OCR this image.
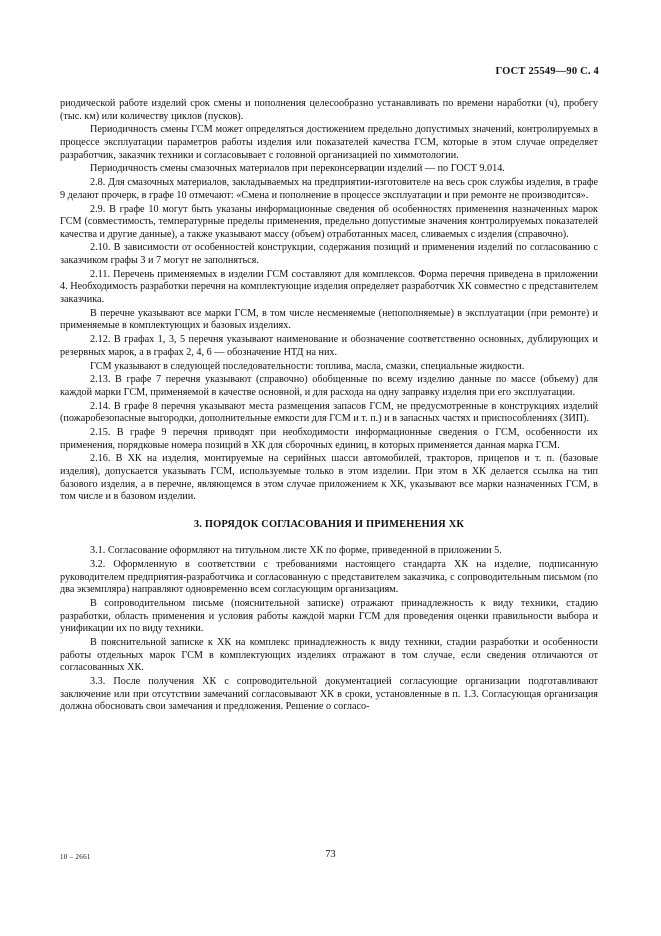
ГОСТ 25549—90 С. 4

риодической работе изделий срок смены и пополнения целесообразно устанавливать по времени наработки (ч), пробегу (тыс. км) или количеству циклов (пусков).

Периодичность смены ГСМ может определяться достижением предельно допустимых значений, контролируемых в процессе эксплуатации параметров работы изделия или показателей качества ГСМ, которые в этом случае определяет разработчик, заказчик техники и согласовывает с головной организацией по химмотологии.

Периодичность смены смазочных материалов при переконсервации изделий — по ГОСТ 9.014.

2.8. Для смазочных материалов, закладываемых на предприятии-изготовителе на весь срок службы изделия, в графе 9 делают прочерк, в графе 10 отмечают: «Смена и пополнение в процессе эксплуатации и при ремонте не производится».

2.9. В графе 10 могут быть указаны информационные сведения об особенностях применения назначенных марок ГСМ (совместимость, температурные пределы применения, предельно допустимые значения контролируемых показателей качества и другие данные), а также указывают массу (объем) отработанных масел, сливаемых с изделия (справочно).

2.10. В зависимости от особенностей конструкции, содержания позиций и применения изделий по согласованию с заказчиком графы 3 и 7 могут не заполняться.

2.11. Перечень применяемых в изделии ГСМ составляют для комплексов. Форма перечня приведена в приложении 4. Необходимость разработки перечня на комплектующие изделия определяет разработчик ХК совместно с представителем заказчика.

В перечне указывают все марки ГСМ, в том числе несменяемые (непополняемые) в эксплуатации (при ремонте) и применяемые в комплектующих и базовых изделиях.

2.12. В графах 1, 3, 5 перечня указывают наименование и обозначение соответственно основных, дублирующих и резервных марок, а в графах 2, 4, 6 — обозначение НТД на них.

ГСМ указывают в следующей последовательности: топлива, масла, смазки, специальные жидкости.

2.13. В графе 7 перечня указывают (справочно) обобщенные по всему изделию данные по массе (объему) для каждой марки ГСМ, применяемой в качестве основной, и для расхода на одну заправку изделия при его эксплуатации.

2.14. В графе 8 перечня указывают места размещения запасов ГСМ, не предусмотренные в конструкциях изделий (пожаробезопасные выгородки, дополнительные емкости для ГСМ и т. п.) и в запасных частях и приспособлениях (ЗИП).

2.15. В графе 9 перечня приводят при необходимости информационные сведения о ГСМ, особенности их применения, порядковые номера позиций в ХК для сборочных единиц, в которых применяется данная марка ГСМ.

2.16. В ХК на изделия, монтируемые на серийных шасси автомобилей, тракторов, прицепов и т. п. (базовые изделия), допускается указывать ГСМ, используемые только в этом изделии. При этом в ХК делается ссылка на тип базового изделия, а в перечне, являющемся в этом случае приложением к ХК, указывают все марки назначенных ГСМ, в том числе и в базовом изделии.

3. ПОРЯДОК СОГЛАСОВАНИЯ И ПРИМЕНЕНИЯ ХК

3.1. Согласование оформляют на титульном листе ХК по форме, приведенной в приложении 5.

3.2. Оформленную в соответствии с требованиями настоящего стандарта ХК на изделие, подписанную руководителем предприятия-разработчика и согласованную с представителем заказчика, с сопроводительным письмом (по два экземпляра) направляют одновременно всем согласующим организациям.

В сопроводительном письме (пояснительной записке) отражают принадлежность к виду техники, стадию разработки, область применения и условия работы каждой марки ГСМ для проведения оценки правильности выбора и унификации их по виду техники.

В пояснительной записке к ХК на комплекс принадлежность к виду техники, стадии разработки и особенности работы отдельных марок ГСМ в комплектующих изделиях отражают в том случае, если сведения отличаются от согласованных ХК.

3.3. После получения ХК с сопроводительной документацией согласующие организации подготавливают заключение или при отсутствии замечаний согласовывают ХК в сроки, установленные в п. 1.3. Согласующая организация должна обосновать свои замечания и предложения. Решение о согласо-

10 – 2661	73
